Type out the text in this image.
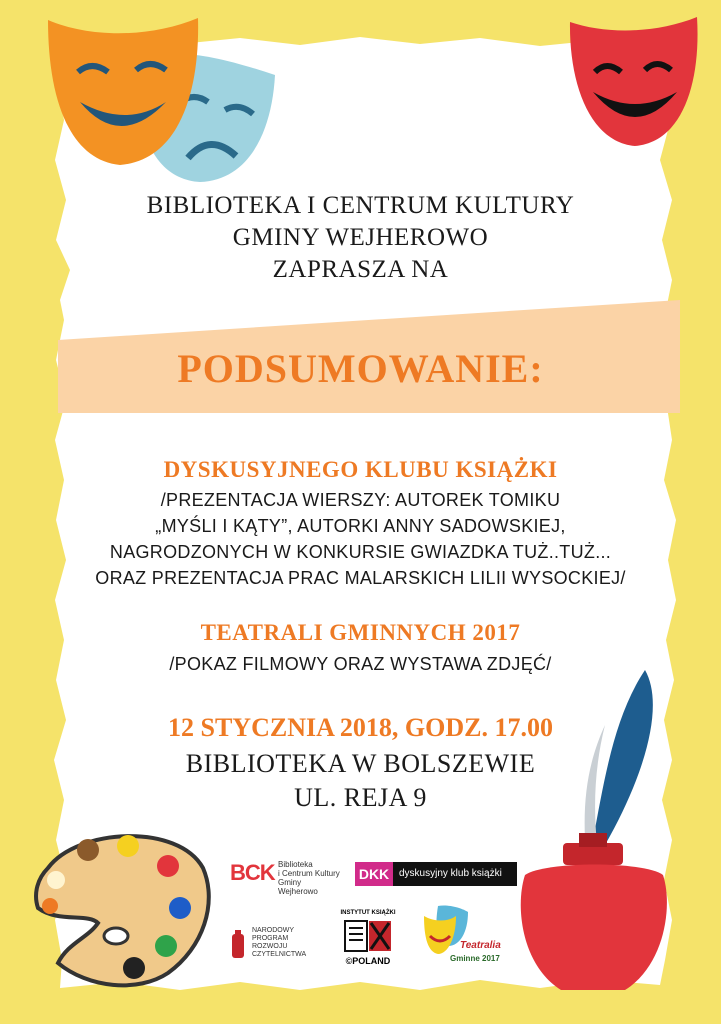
BIBLIOTEKA I CENTRUM KULTURY
GMINY WEJHEROWO
ZAPRASZA NA
PODSUMOWANIE:
DYSKUSYJNEGO KLUBU KSIĄŻKI
/PREZENTACJA WIERSZY: AUTOREK TOMIKU
„MYŚLI I KĄTY”, AUTORKI ANNY SADOWSKIEJ,
NAGRODZONYCH W KONKURSIE GWIAZDKA TUŻ..TUŻ...
ORAZ PREZENTACJA PRAC MALARSKICH LILII WYSOCKIEJ/
TEATRALI GMINNYCH 2017
/POKAZ FILMOWY ORAZ WYSTAWA ZDJĘĆ/
12 STYCZNIA 2018, GODZ. 17.00
BIBLIOTEKA W BOLSZEWIE
UL. REJA 9
BCK Biblioteka
i Centrum Kultury
Gminy Wejherowo
DKK dyskusyjny klub książki
NARODOWY
PROGRAM
ROZWOJU
CZYTELNICTWA
INSTYTUT KSIĄŻKI
©POLAND
Teatralia
Gminne 2017
